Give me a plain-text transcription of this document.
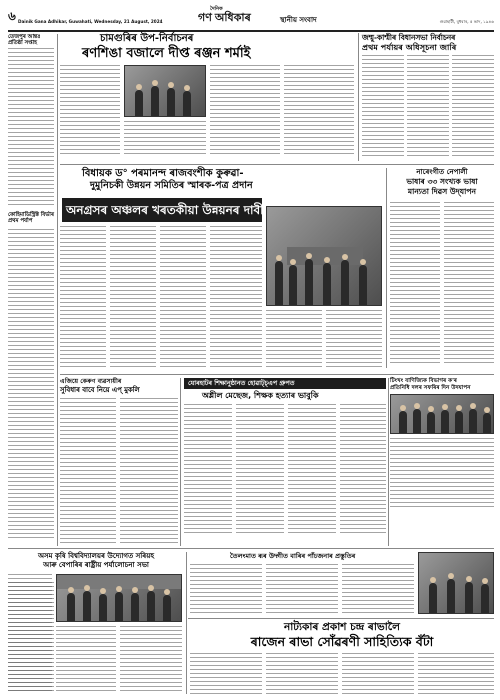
৬	দৈনিক
গণ অধিকাৰ	স্থানীয় সংবাদ
Dainik Gana Adhikar, Guwahati, Wednesday, 21 August, 2024	গুৱাহাটী, বুধবাৰ, ৫ ভাদ, ১৯৪৬
তেজপুৰ আন্তঃ প্ৰতিষ্ঠা সপ্তাহ
কোহিমাডিস্ট্ৰিক্ট বিৰ্ভাৰ প্ৰথম পৰ্যাপ
চামগুৰিৰ উপ-নিৰ্বাচনৰ
ৰণশিঙা বজালে দীপ্ত ৰঞ্জন শৰ্মাই
জম্মু-কাশ্মীৰ বিধানসভা নিৰ্বাচনৰ
প্ৰথম পৰ্যায়ৰ অধিসূচনা জাৰি
বিধায়ক ড° পৰমানন্দ ৰাজবংশীক কুৰুৱা-
দুমুনিচকী উন্নয়ন সমিতিৰ স্মাৰক-পত্ৰ প্ৰদান
অনগ্ৰসৰ অঞ্চলৰ খৰতকীয়া উন্নয়নৰ দাবী
নাৰেংগীত নেপালী
ভাষাৰ ৩৩ সংখ্যক ভাষা
মান্যতা দিৱস উদ্‌যাপন
টিংখং বাণিজ্যিক বিভাগৰ ক'ৰ
প্ৰতিনিধি দলৰ সফৰিৰ দিন উদযাপন
এজিয়ে কেৰুণ ব্যৱসায়ীৰ
সুবিধাৰ বাবে নিয়ে এপ্ মুকলি
যোৰহাটৰ শিক্ষানুষ্ঠানত হোৱাট্চ্এপ গ্ৰুপত
অশ্লীল মেছেজ, শিক্ষক হত্যাৰ ভাবুকি
অসম কৃষি বিশ্ববিদ্যালয়ৰ উদ্যোগত সৰিয়হ
আৰু বেপাৰিৰ ৰাষ্ট্ৰীয় পৰ্যালোচনা সভা
তৈলংমাত ৰূৰ উদ্গীত বাৰিৰ পাঁচজনাৰ প্ৰস্তুতিৰ
নাট্যকাৰ প্ৰকাশ চন্দ্ৰ ৰাভালৈ
ৰাজেন ৰাভা সোঁৱৰণী সাহিত্যিক বঁটা
